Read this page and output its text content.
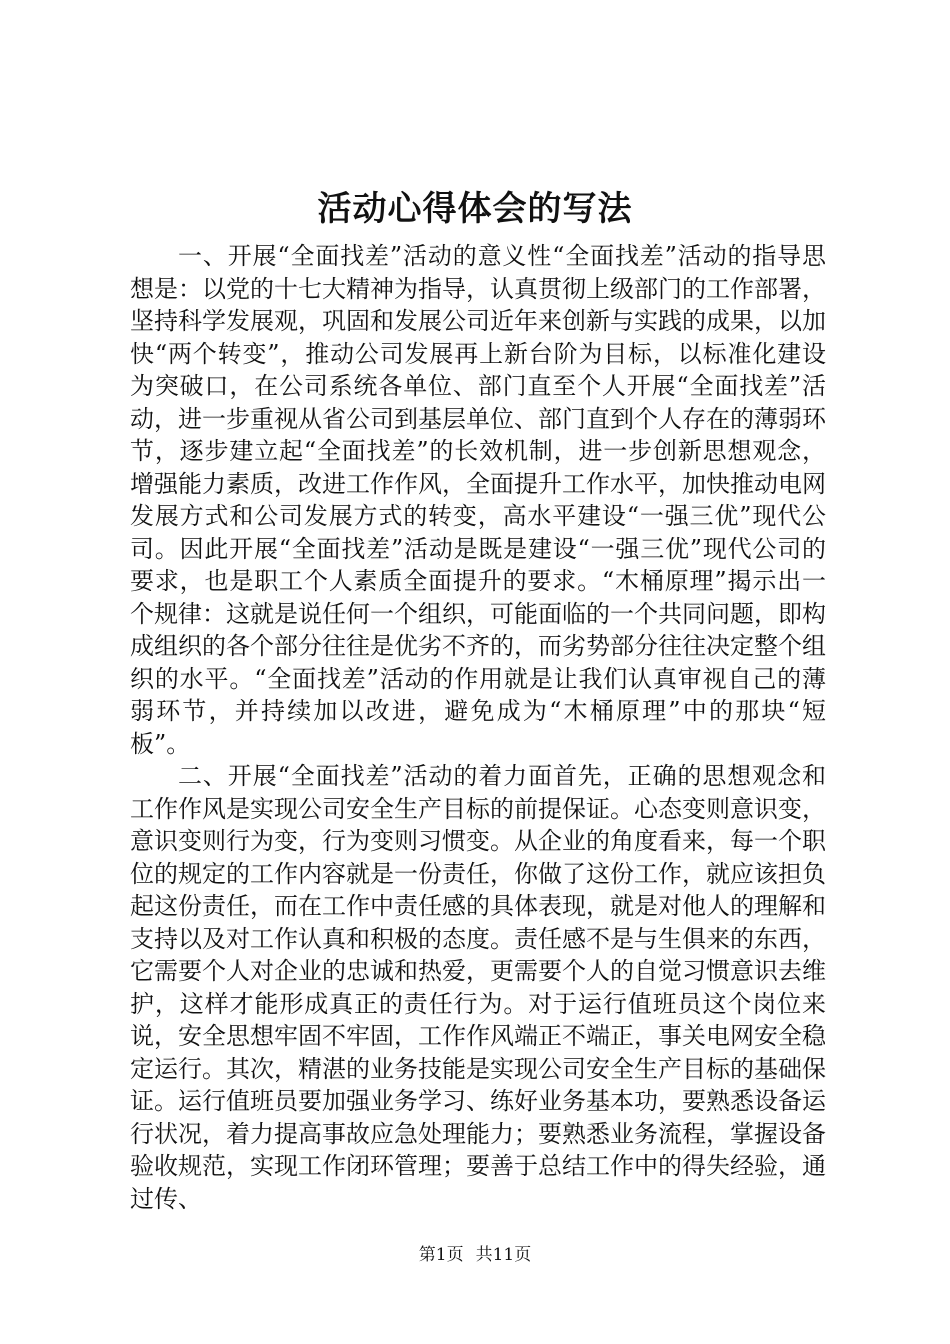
活动心得体会的写法

一、开展“全面找差”活动的意义性“全面找差”活动的指导思想是：以党的十七大精神为指导，认真贯彻上级部门的工作部署，坚持科学发展观，巩固和发展公司近年来创新与实践的成果，以加快“两个转变”，推动公司发展再上新台阶为目标，以标准化建设为突破口，在公司系统各单位、部门直至个人开展“全面找差”活动，进一步重视从省公司到基层单位、部门直到个人存在的薄弱环节，逐步建立起“全面找差”的长效机制，进一步创新思想观念，增强能力素质，改进工作作风，全面提升工作水平，加快推动电网发展方式和公司发展方式的转变，高水平建设“一强三优”现代公司。因此开展“全面找差”活动是既是建设“一强三优”现代公司的要求，也是职工个人素质全面提升的要求。“木桶原理”揭示出一个规律：这就是说任何一个组织，可能面临的一个共同问题，即构成组织的各个部分往往是优劣不齐的，而劣势部分往往决定整个组织的水平。“全面找差”活动的作用就是让我们认真审视自己的薄弱环节，并持续加以改进，避免成为“木桶原理”中的那块“短板”。

二、开展“全面找差”活动的着力面首先，正确的思想观念和工作作风是实现公司安全生产目标的前提保证。心态变则意识变，意识变则行为变，行为变则习惯变。从企业的角度看来，每一个职位的规定的工作内容就是一份责任，你做了这份工作，就应该担负起这份责任，而在工作中责任感的具体表现，就是对他人的理解和支持以及对工作认真和积极的态度。责任感不是与生俱来的东西，它需要个人对企业的忠诚和热爱，更需要个人的自觉习惯意识去维护，这样才能形成真正的责任行为。对于运行值班员这个岗位来说，安全思想牢固不牢固，工作作风端正不端正，事关电网安全稳定运行。其次，精湛的业务技能是实现公司安全生产目标的基础保证。运行值班员要加强业务学习、练好业务基本功，要熟悉设备运行状况，着力提高事故应急处理能力；要熟悉业务流程，掌握设备验收规范，实现工作闭环管理；要善于总结工作中的得失经验，通过传、

第1页 共11页
